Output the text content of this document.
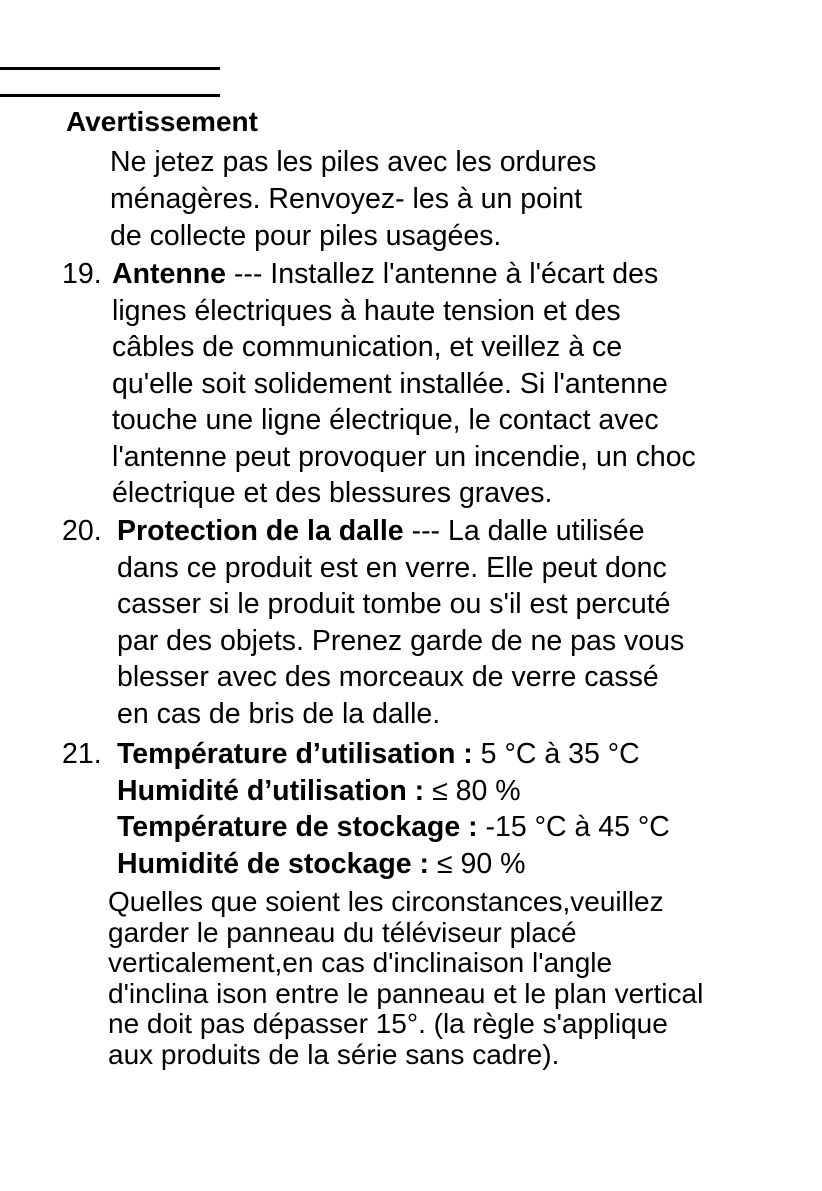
Avertissement
Ne jetez pas les piles avec les ordures
ménagères. Renvoyez- les à un point
de collecte pour piles usagées.
19. Antenne --- Installez l'antenne à l'écart des
lignes électriques à haute tension et des
câbles de communication, et veillez à ce
qu'elle soit solidement installée. Si l'antenne
touche une ligne électrique, le contact avec
l'antenne peut provoquer un incendie, un choc
électrique et des blessures graves.
20. Protection de la dalle --- La dalle utilisée
dans ce produit est en verre. Elle peut donc
casser si le produit tombe ou s'il est percuté
par des objets. Prenez garde de ne pas vous
blesser avec des morceaux de verre cassé
en cas de bris de la dalle.
21. Température d’utilisation : 5 °C à 35 °C
Humidité d’utilisation : ≤ 80 %
Température de stockage : -15 °C à 45 °C
Humidité de stockage : ≤ 90 %
Quelles que soient les circonstances,veuillez
garder le panneau du téléviseur placé
verticalement,en cas d'inclinaison l'angle
d'inclina ison entre le panneau et le plan vertical
ne doit pas dépasser 15°. (la règle s'applique
aux produits de la série sans cadre).
